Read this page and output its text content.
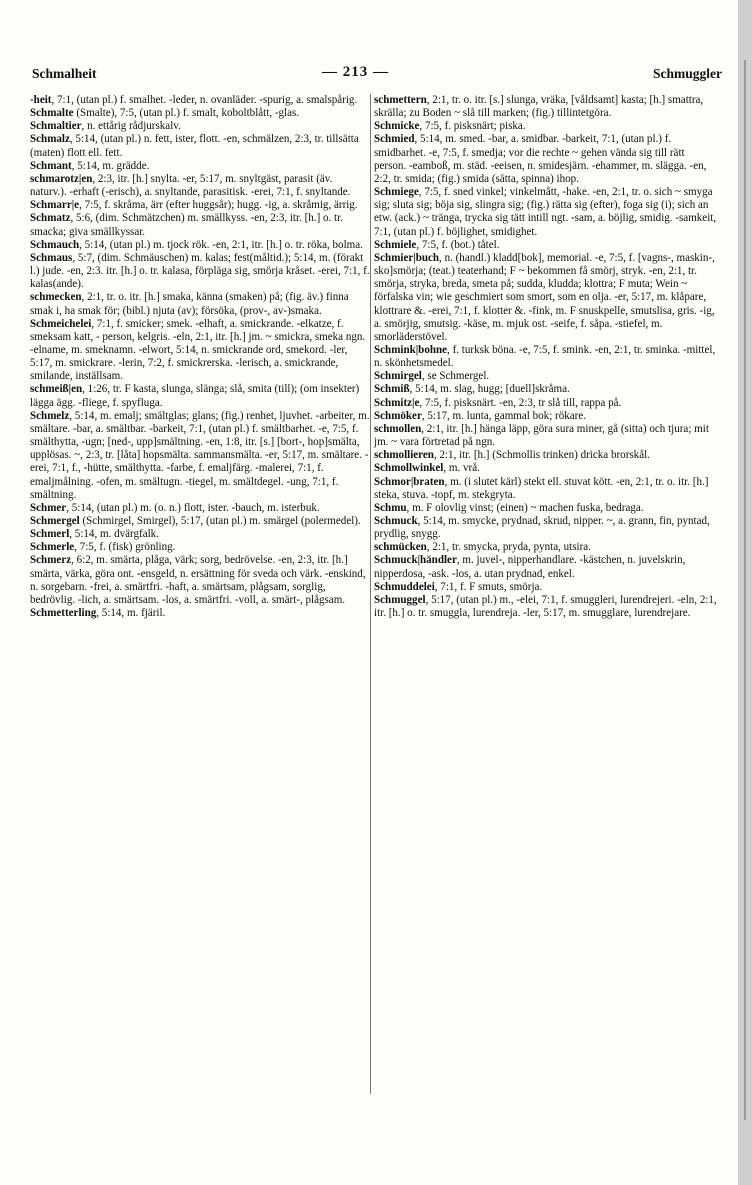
Schmalheit	— 213 —	Schmuggler

-heit, 7:1, (utan pl.) f. smalhet. -leder, n. ovanläder. -spurig, a. smalspårig.

Schmalte (Smalte), 7:5, (utan pl.) f. smalt, koboltblått, -glas.

Schmaltier, n. ettårig rådjurskalv.

Schmalz, 5:14, (utan pl.) n. fett, ister, flott. -en, schmälzen, 2:3, tr. tillsätta (maten) flott ell. fett.

Schmant, 5:14, m. grädde.

schmarotz|en, 2:3, itr. [h.] snylta. -er, 5:17, m. snyltgäst, parasit (äv. naturv.). -erhaft (-erisch), a. snyltande, parasitisk. -erei, 7:1, f. snyltande.

Schmarr|e, 7:5, f. skråma, ärr (efter huggsår); hugg. -ig, a. skråmig, ärrig.

Schmatz, 5:6, (dim. Schmätzchen) m. smällkyss. -en, 2:3, itr. [h.] o. tr. smacka; giva smällkyssar.

Schmauch, 5:14, (utan pl.) m. tjock rök. -en, 2:1, itr. [h.] o. tr. röka, bolma.

Schmaus, 5:7, (dim. Schmäuschen) m. kalas; fest(måltid.); 5:14, m. (förakt l.) jude. -en, 2:3. itr. [h.] o. tr. kalasa, förpläga sig, smörja kråset. -erei, 7:1, f. kalas(ande).

schmecken, 2:1, tr. o. itr. [h.] smaka, känna (smaken) på; (fig. äv.) finna smak i, ha smak för; (bibl.) njuta (av); försöka, (prov-, av-)smaka.

Schmeichelei, 7:1, f. smicker; smek. -elhaft, a. smickrande. -elkatze, f. smeksam katt, - person, kelgris. -eln, 2:1, itr. [h.] jm. ~ smickra, smeka ngn. -elname, m. smeknamn. -elwort, 5:14, n. smickrande ord, smekord. -ler, 5:17, m. smickrare. -lerin, 7:2, f. smickrerska. -lerisch, a. smickrande, smilande, inställsam.

schmeiß|en, 1:26, tr. F kasta, slunga, slänga; slå, smita (till); (om insekter) lägga ägg. -fliege, f. spyfluga.

Schmelz, 5:14, m. emalj; smältglas; glans; (fig.) renhet, ljuvhet. -arbeiter, m. smältare. -bar, a. smältbar. -barkeit, 7:1, (utan pl.) f. smältbarhet. -e, 7:5, f. smälthytta, -ugn; [ned-, upp]smältning. -en, 1:8, itr. [s.] [bort-, hop]smälta, upplösas. ~, 2:3, tr. [låta] hopsmälta. sammansmälta. -er, 5:17, m. smältare. -erei, 7:1, f., -hütte, smälthytta. -farbe, f. emaljfärg. -malerei, 7:1, f. emaljmålning. -ofen, m. smältugn. -tiegel, m. smältdegel. -ung, 7:1, f. smältning.

Schmer, 5:14, (utan pl.) m. (o. n.) flott, ister. -bauch, m. isterbuk.

Schmergel (Schmirgel, Smirgel), 5:17, (utan pl.) m. smärgel (polermedel).

Schmerl, 5:14, m. dvärgfalk.

Schmerle, 7:5, f. (fisk) grönling.

Schmerz, 6:2, m. smärta, plåga, värk; sorg, bedrövelse. -en, 2:3, itr. [h.] smärta, värka, göra ont. -ensgeld, n. ersättning för sveda och värk. -enskind, n. sorgebarn. -frei, a. smärtfri. -haft, a. smärtsam, plågsam, sorglig, bedrövlig. -lich, a. smärtsam. -los, a. smärtfri. -voll, a. smärt-, plågsam.

Schmetterling, 5:14, m. fjäril.

schmettern, 2:1, tr. o. itr. [s.] slunga, vräka, [våldsamt] kasta; [h.] smattra, skrälla; zu Boden ~ slå till marken; (fig.) tillintetgöra.

Schmicke, 7:5, f. pisksnärt; piska.

Schmied, 5:14, m. smed. -bar, a. smidbar. -barkeit, 7:1, (utan pl.) f. smidbarhet. -e, 7:5, f. smedja; vor die rechte ~ gehen vända sig till rätt person. -eamboß, m. städ. -eeisen, n. smidesjärn. -ehammer, m. slägga. -en, 2:2, tr. smida; (fig.) smida (sätta, spinna) ihop.

Schmiege, 7:5, f. sned vinkel; vinkelmått, -hake. -en, 2:1, tr. o. sich ~ smyga sig; sluta sig; böja sig, slingra sig; (fig.) rätta sig (efter), foga sig (i); sich an etw. (ack.) ~ tränga, trycka sig tätt intill ngt. -sam, a. böjlig, smidig. -samkeit, 7:1, (utan pl.) f. böjlighet, smidighet.

Schmiele, 7:5, f. (bot.) tåtel.

Schmier|buch, n. (handl.) kladd[bok], memorial. -e, 7:5, f. [vagns-, maskin-, sko]smörja; (teat.) teaterhand; F ~ bekommen få smörj, stryk. -en, 2:1, tr. smörja, stryka, breda, smeta på; sudda, kludda; klottra; F muta; Wein ~ förfalska vin; wie geschmiert som smort, som en olja. -er, 5:17, m. klåpare, klottrare &. -erei, 7:1, f. klotter &. -fink, m. F snuskpelle, smutslisa, gris. -ig, a. smörjig, smutsig. -käse, m. mjuk ost. -seife, f. såpa. -stiefel, m. smorläderstövel.

Schmink|bohne, f. turksk böna. -e, 7:5, f. smink. -en, 2:1, tr. sminka. -mittel, n. skönhetsmedel.

Schmirgel, se Schmergel.

Schmiß, 5:14, m. slag, hugg; [duell]skråma.

Schmitz|e, 7:5, f. pisksnärt. -en, 2:3, tr slå till, rappa på.

Schmöker, 5:17, m. lunta, gammal bok; rökare.

schmollen, 2:1, itr. [h.] hänga läpp, göra sura miner, gå (sitta) och tjura; mit jm. ~ vara förtretad på ngn.

schmollieren, 2:1, itr. [h.] (Schmollis trinken) dricka brorskål.

Schmollwinkel, m. vrå.

Schmor|braten, m. (i slutet kärl) stekt ell. stuvat kött. -en, 2:1, tr. o. itr. [h.] steka, stuva. -topf, m. stekgryta.

Schmu, m. F olovlig vinst; (einen) ~ machen fuska, bedraga.

Schmuck, 5:14, m. smycke, prydnad, skrud, nipper. ~, a. grann, fin, pyntad, prydlig, snygg.

schmücken, 2:1, tr. smycka, pryda, pynta, utsira.

Schmuck|händler, m. juvel-, nipperhandlare. -kästchen, n. juvelskrin, nipperdosa, -ask. -los, a. utan prydnad, enkel.

Schmuddelei, 7:1, f. F smuts, smörja.

Schmuggel, 5:17, (utan pl.) m., -elei, 7:1, f. smuggleri, lurendrejeri. -eln, 2:1, itr. [h.] o. tr. smuggla, lurendreja. -ler, 5:17, m. smugglare, lurendrejare.
